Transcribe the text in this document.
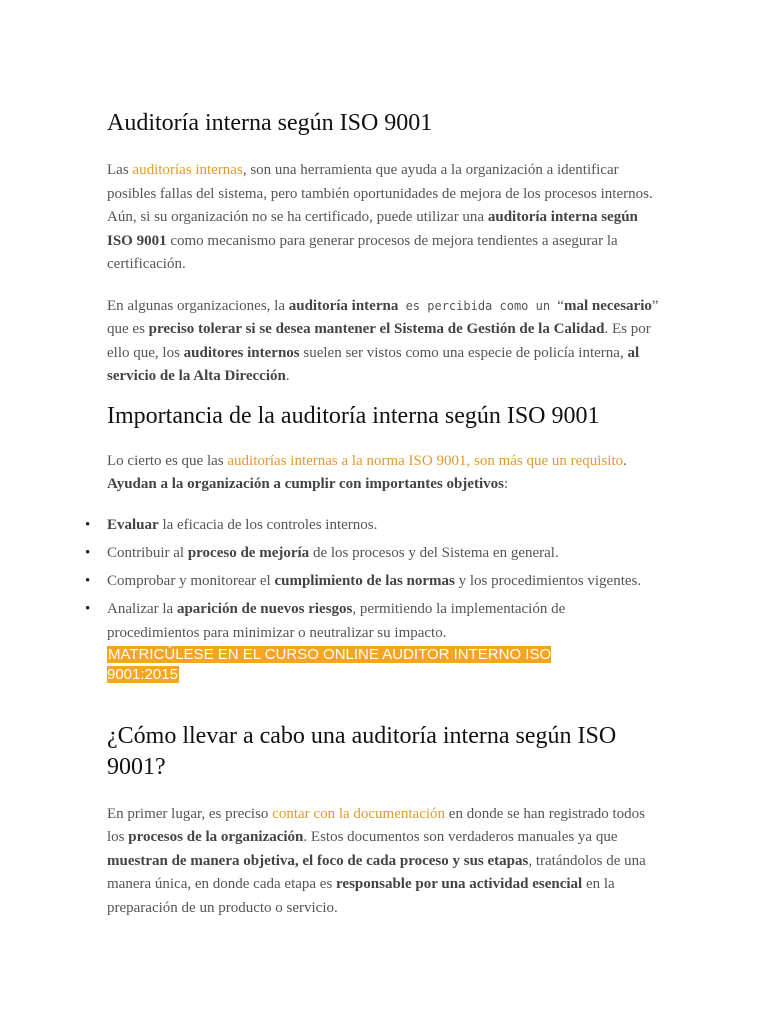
Auditoría interna según ISO 9001

Las auditorías internas, son una herramienta que ayuda a la organización a identificar posibles fallas del sistema, pero también oportunidades de mejora de los procesos internos. Aún, si su organización no se ha certificado, puede utilizar una auditoría interna según ISO 9001 como mecanismo para generar procesos de mejora tendientes a asegurar la certificación.

En algunas organizaciones, la auditoría interna es percibida como un “mal necesario” que es preciso tolerar si se desea mantener el Sistema de Gestión de la Calidad. Es por ello que, los auditores internos suelen ser vistos como una especie de policía interna, al servicio de la Alta Dirección.

Importancia de la auditoría interna según ISO 9001

Lo cierto es que las auditorías internas a la norma ISO 9001, son más que un requisito. Ayudan a la organización a cumplir con importantes objetivos:

• Evaluar la eficacia de los controles internos.
• Contribuir al proceso de mejoría de los procesos y del Sistema en general.
• Comprobar y monitorear el cumplimiento de las normas y los procedimientos vigentes.
• Analizar la aparición de nuevos riesgos, permitiendo la implementación de procedimientos para minimizar o neutralizar su impacto.

MATRICÚLESE EN EL CURSO ONLINE AUDITOR INTERNO ISO 9001:2015

¿Cómo llevar a cabo una auditoría interna según ISO 9001?

En primer lugar, es preciso contar con la documentación en donde se han registrado todos los procesos de la organización. Estos documentos son verdaderos manuales ya que muestran de manera objetiva, el foco de cada proceso y sus etapas, tratándolos de una manera única, en donde cada etapa es responsable por una actividad esencial en la preparación de un producto o servicio.
